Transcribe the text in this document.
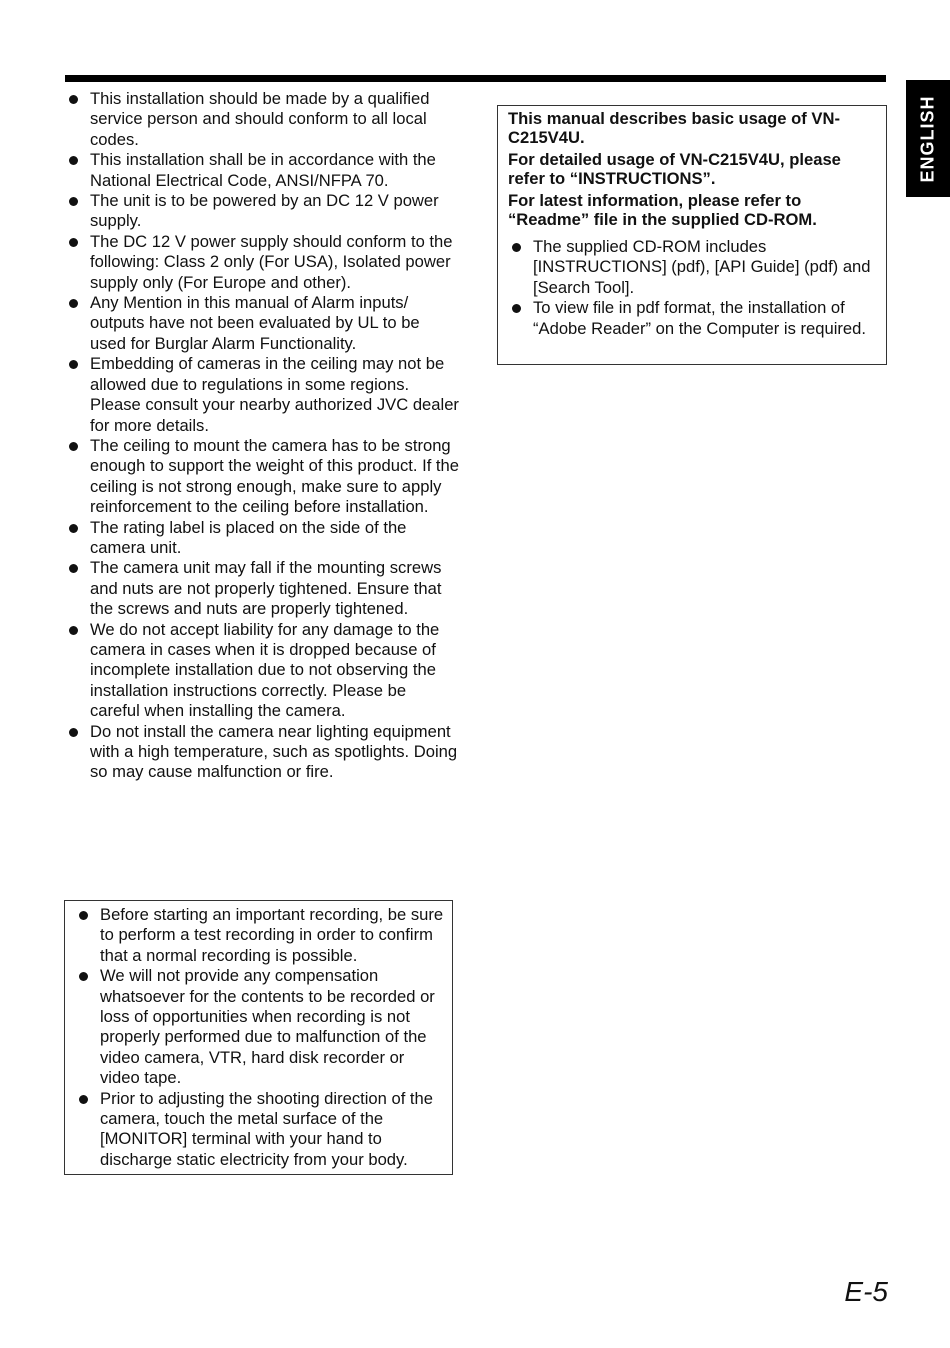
ENGLISH
This installation should be made by a qualified service person and should conform to all local codes.
This installation shall be in accordance with the National Electrical Code, ANSI/NFPA 70.
The unit is to be powered by an DC 12 V power supply.
The DC 12 V power supply should conform to the following: Class 2 only (For USA), Isolated power supply only (For Europe and other).
Any Mention in this manual of Alarm inputs/ outputs have not been evaluated by UL to be used for Burglar Alarm Functionality.
Embedding of cameras in the ceiling may not be allowed due to regulations in some regions. Please consult your nearby authorized JVC dealer for more details.
The ceiling to mount the camera has to be strong enough to support the weight of this product. If the ceiling is not strong enough, make sure to apply reinforcement to the ceiling before installation.
The rating label is placed on the side of the camera unit.
The camera unit may fall if the mounting screws and nuts are not properly tightened. Ensure that the screws and nuts are properly tightened.
We do not accept liability for any damage to the camera in cases when it is dropped because of incomplete installation due to not observing the installation instructions correctly. Please be careful when installing the camera.
Do not install the camera near lighting equipment with a high temperature, such as spotlights. Doing so may cause malfunction or fire.
Before starting an important recording, be sure to perform a test recording in order to confirm that a normal recording is possible.
We will not provide any compensation whatsoever for the contents to be recorded or loss of opportunities when recording is not properly performed due to malfunction of the video camera, VTR, hard disk recorder or video tape.
Prior to adjusting the shooting direction of the camera, touch the metal surface of the [MONITOR] terminal with your hand to discharge static electricity from your body.

This manual describes basic usage of VN-C215V4U.

For detailed usage of VN-C215V4U, please refer to “INSTRUCTIONS”.

For latest information, please refer to “Readme” file in the supplied CD-ROM.

The supplied CD-ROM includes [INSTRUCTIONS] (pdf), [API Guide] (pdf) and [Search Tool].
To view file in pdf format, the installation of “Adobe Reader” on the Computer is required.
E-5
